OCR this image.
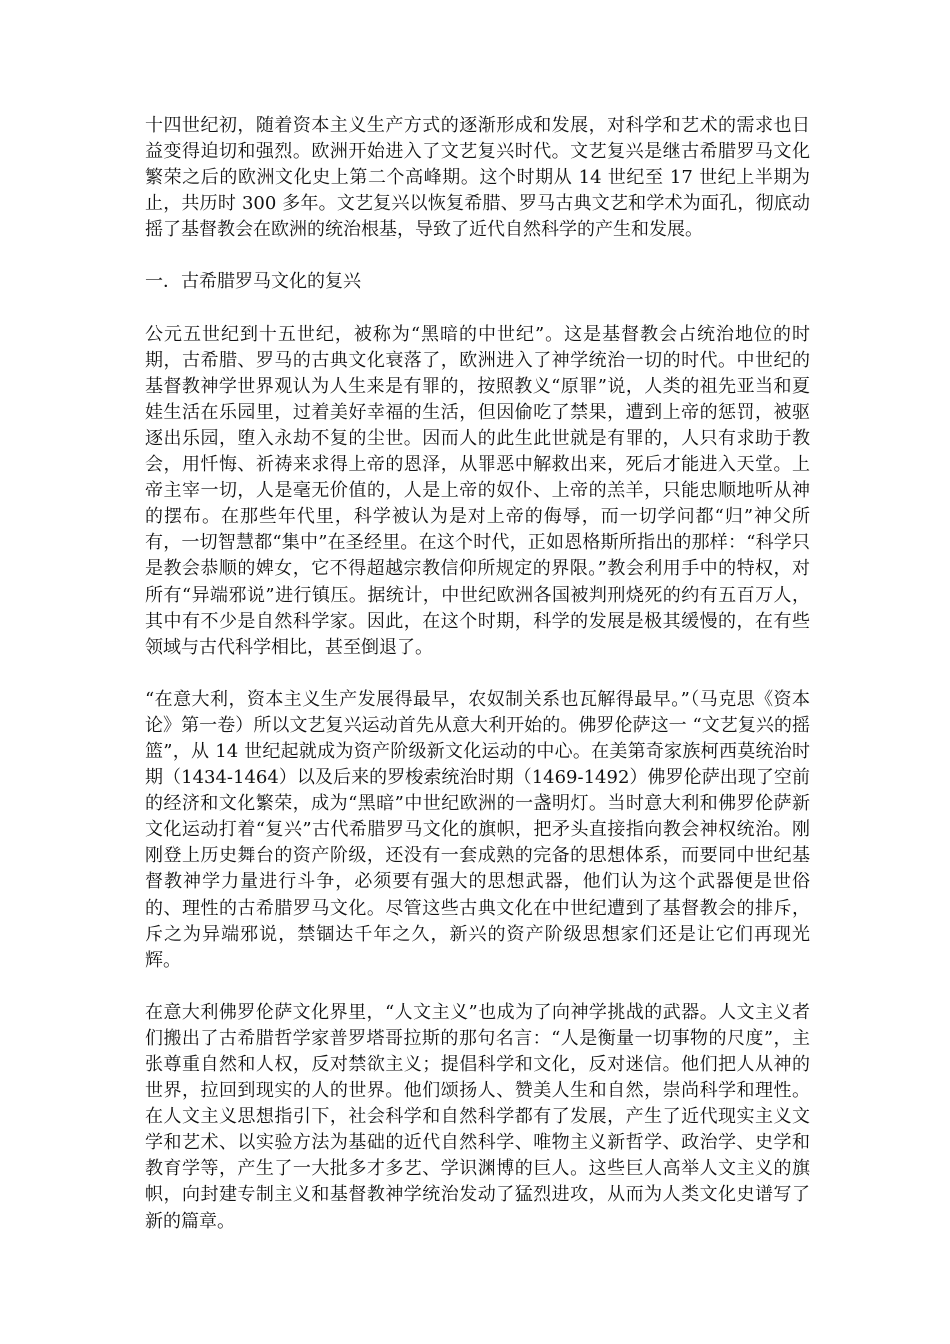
十四世纪初，随着资本主义生产方式的逐渐形成和发展，对科学和艺术的需求也日益变得迫切和强烈。欧洲开始进入了文艺复兴时代。文艺复兴是继古希腊罗马文化繁荣之后的欧洲文化史上第二个高峰期。这个时期从 14 世纪至 17 世纪上半期为止，共历时 300 多年。文艺复兴以恢复希腊、罗马古典文艺和学术为面孔，彻底动摇了基督教会在欧洲的统治根基，导致了近代自然科学的产生和发展。

一．古希腊罗马文化的复兴

公元五世纪到十五世纪，被称为“黑暗的中世纪”。这是基督教会占统治地位的时期，古希腊、罗马的古典文化衰落了，欧洲进入了神学统治一切的时代。中世纪的基督教神学世界观认为人生来是有罪的，按照教义“原罪”说，人类的祖先亚当和夏娃生活在乐园里，过着美好幸福的生活，但因偷吃了禁果，遭到上帝的惩罚，被驱逐出乐园，堕入永劫不复的尘世。因而人的此生此世就是有罪的，人只有求助于教会，用忏悔、祈祷来求得上帝的恩泽，从罪恶中解救出来，死后才能进入天堂。上帝主宰一切，人是毫无价值的，人是上帝的奴仆、上帝的羔羊，只能忠顺地听从神的摆布。在那些年代里，科学被认为是对上帝的侮辱，而一切学问都“归”神父所有，一切智慧都“集中”在圣经里。在这个时代，正如恩格斯所指出的那样：“科学只是教会恭顺的婢女，它不得超越宗教信仰所规定的界限。”教会利用手中的特权，对所有“异端邪说”进行镇压。据统计，中世纪欧洲各国被判刑烧死的约有五百万人，其中有不少是自然科学家。因此，在这个时期，科学的发展是极其缓慢的，在有些领域与古代科学相比，甚至倒退了。

“在意大利，资本主义生产发展得最早，农奴制关系也瓦解得最早。”（马克思《资本论》第一卷）所以文艺复兴运动首先从意大利开始的。佛罗伦萨这一 “文艺复兴的摇篮”，从 14 世纪起就成为资产阶级新文化运动的中心。在美第奇家族柯西莫统治时期（1434-1464）以及后来的罗梭索统治时期（1469-1492）佛罗伦萨出现了空前的经济和文化繁荣，成为“黑暗”中世纪欧洲的一盏明灯。当时意大利和佛罗伦萨新文化运动打着“复兴”古代希腊罗马文化的旗帜，把矛头直接指向教会神权统治。刚刚登上历史舞台的资产阶级，还没有一套成熟的完备的思想体系，而要同中世纪基督教神学力量进行斗争，必须要有强大的思想武器，他们认为这个武器便是世俗的、理性的古希腊罗马文化。尽管这些古典文化在中世纪遭到了基督教会的排斥，斥之为异端邪说，禁锢达千年之久，新兴的资产阶级思想家们还是让它们再现光辉。

在意大利佛罗伦萨文化界里，“人文主义”也成为了向神学挑战的武器。人文主义者们搬出了古希腊哲学家普罗塔哥拉斯的那句名言：“人是衡量一切事物的尺度”，主张尊重自然和人权，反对禁欲主义；提倡科学和文化，反对迷信。他们把人从神的世界，拉回到现实的人的世界。他们颂扬人、赞美人生和自然，崇尚科学和理性。在人文主义思想指引下，社会科学和自然科学都有了发展，产生了近代现实主义文学和艺术、以实验方法为基础的近代自然科学、唯物主义新哲学、政治学、史学和教育学等，产生了一大批多才多艺、学识渊博的巨人。这些巨人高举人文主义的旗帜，向封建专制主义和基督教神学统治发动了猛烈进攻，从而为人类文化史谱写了新的篇章。
